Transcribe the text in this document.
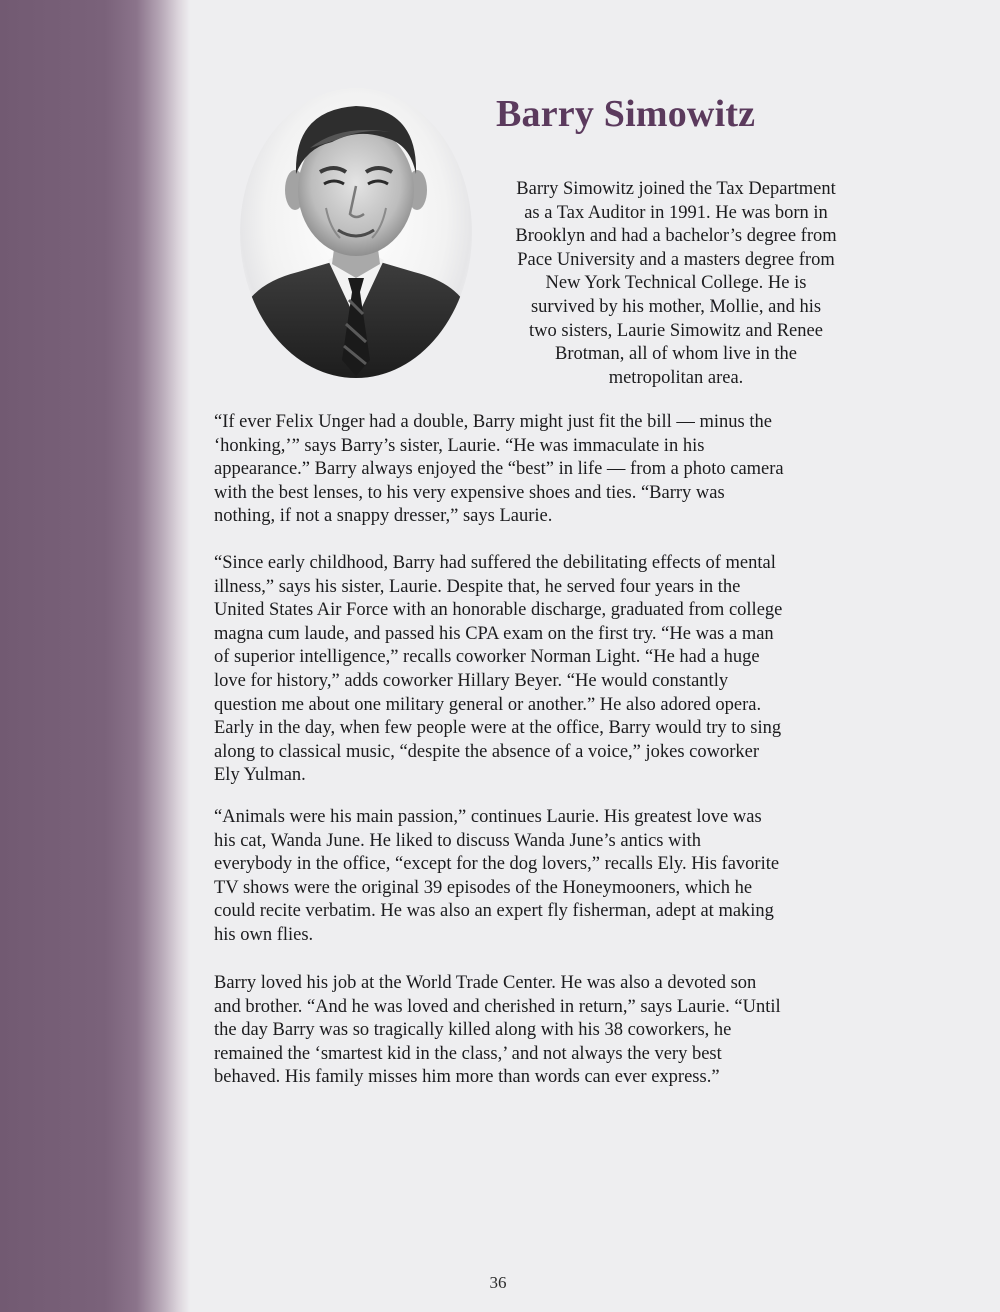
Barry Simowitz
Barry Simowitz joined the Tax Department
as a Tax Auditor in 1991. He was born in
Brooklyn and had a bachelor’s degree from
Pace University and a masters degree from
New York Technical College. He is
survived by his mother, Mollie, and his
two sisters, Laurie Simowitz and Renee
Brotman, all of whom live in the
metropolitan area.
“If ever Felix Unger had a double, Barry might just fit the bill — minus the
‘honking,’” says Barry’s sister, Laurie. “He was immaculate in his
appearance.” Barry always enjoyed the “best” in life — from a photo camera
with the best lenses, to his very expensive shoes and ties. “Barry was
nothing, if not a snappy dresser,” says Laurie.
“Since early childhood, Barry had suffered the debilitating effects of mental
illness,” says his sister, Laurie. Despite that, he served four years in the
United States Air Force with an honorable discharge, graduated from college
magna cum laude, and passed his CPA exam on the first try. “He was a man
of superior intelligence,” recalls coworker Norman Light. “He had a huge
love for history,” adds coworker Hillary Beyer. “He would constantly
question me about one military general or another.” He also adored opera.
Early in the day, when few people were at the office, Barry would try to sing
along to classical music, “despite the absence of a voice,” jokes coworker
Ely Yulman.
“Animals were his main passion,” continues Laurie. His greatest love was
his cat, Wanda June. He liked to discuss Wanda June’s antics with
everybody in the office, “except for the dog lovers,” recalls Ely. His favorite
TV shows were the original 39 episodes of the Honeymooners, which he
could recite verbatim. He was also an expert fly fisherman, adept at making
his own flies.
Barry loved his job at the World Trade Center. He was also a devoted son
and brother. “And he was loved and cherished in return,” says Laurie. “Until
the day Barry was so tragically killed along with his 38 coworkers, he
remained the ‘smartest kid in the class,’ and not always the very best
behaved. His family misses him more than words can ever express.”
36
